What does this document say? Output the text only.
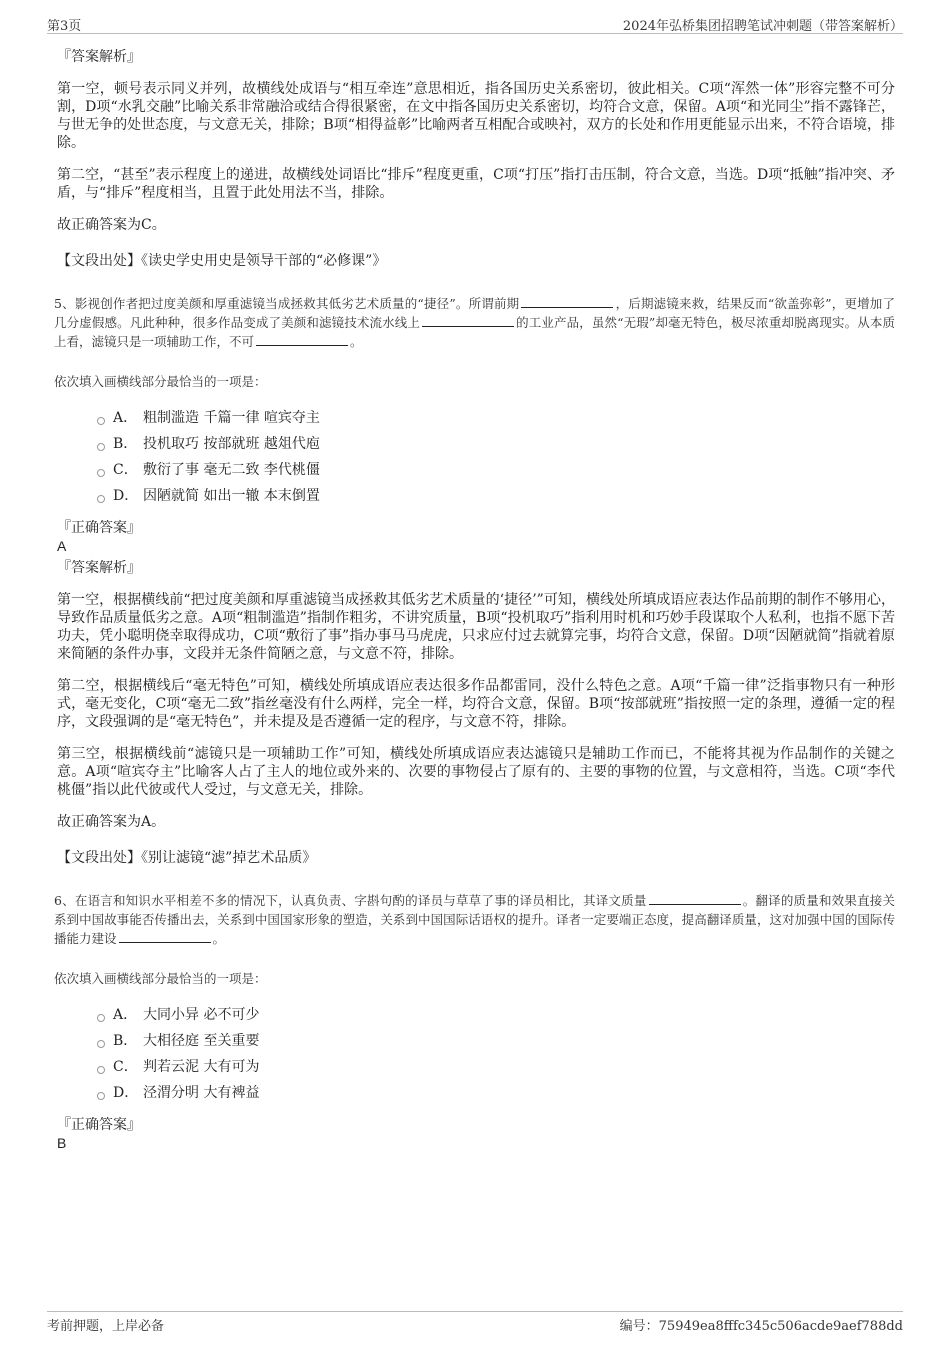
第3页	2024年弘桥集团招聘笔试冲刺题（带答案解析）

『答案解析』

第一空，顿号表示同义并列，故横线处成语与“相互牵连”意思相近，指各国历史关系密切，彼此相关。C项“浑然一体”形容完整不可分割，D项“水乳交融”比喻关系非常融洽或结合得很紧密，在文中指各国历史关系密切，均符合文意，保留。A项“和光同尘”指不露锋芒，与世无争的处世态度，与文意无关，排除；B项“相得益彰”比喻两者互相配合或映衬，双方的长处和作用更能显示出来，不符合语境，排除。

第二空，“甚至”表示程度上的递进，故横线处词语比“排斥”程度更重，C项“打压”指打击压制，符合文意，当选。D项“抵触”指冲突、矛盾，与“排斥”程度相当，且置于此处用法不当，排除。

故正确答案为C。

【文段出处】《读史学史用史是领导干部的“必修课”》

5、影视创作者把过度美颜和厚重滤镜当成拯救其低劣艺术质量的“捷径”。所谓前期	，后期滤镜来救，结果反而“欲盖弥彰”，更增加了几分虚假感。凡此种种，很多作品变成了美颜和滤镜技术流水线上	的工业产品，虽然“无瑕”却毫无特色，极尽浓重却脱离现实。从本质上看，滤镜只是一项辅助工作，不可	。

依次填入画横线部分最恰当的一项是：

A． 粗制滥造 千篇一律 喧宾夺主
B． 投机取巧 按部就班 越俎代庖
C． 敷衍了事 毫无二致 李代桃僵
D． 因陋就简 如出一辙 本末倒置

『正确答案』

A

『答案解析』

第一空，根据横线前“把过度美颜和厚重滤镜当成拯救其低劣艺术质量的‘捷径’”可知，横线处所填成语应表达作品前期的制作不够用心，导致作品质量低劣之意。A项“粗制滥造”指制作粗劣，不讲究质量，B项“投机取巧”指利用时机和巧妙手段谋取个人私利，也指不愿下苦功夫，凭小聪明侥幸取得成功，C项“敷衍了事”指办事马马虎虎，只求应付过去就算完事，均符合文意，保留。D项“因陋就简”指就着原来简陋的条件办事，文段并无条件简陋之意，与文意不符，排除。

第二空，根据横线后“毫无特色”可知，横线处所填成语应表达很多作品都雷同，没什么特色之意。A项“千篇一律”泛指事物只有一种形式，毫无变化，C项“毫无二致”指丝毫没有什么两样，完全一样，均符合文意，保留。B项“按部就班”指按照一定的条理，遵循一定的程序，文段强调的是“毫无特色”，并未提及是否遵循一定的程序，与文意不符，排除。

第三空，根据横线前“滤镜只是一项辅助工作”可知，横线处所填成语应表达滤镜只是辅助工作而已，不能将其视为作品制作的关键之意。A项“喧宾夺主”比喻客人占了主人的地位或外来的、次要的事物侵占了原有的、主要的事物的位置，与文意相符，当选。C项“李代桃僵”指以此代彼或代人受过，与文意无关，排除。

故正确答案为A。

【文段出处】《别让滤镜“滤”掉艺术品质》

6、在语言和知识水平相差不多的情况下，认真负责、字斟句酌的译员与草草了事的译员相比，其译文质量	。翻译的质量和效果直接关系到中国故事能否传播出去，关系到中国国家形象的塑造，关系到中国国际话语权的提升。译者一定要端正态度，提高翻译质量，这对加强中国的国际传播能力建设	。

依次填入画横线部分最恰当的一项是：

A． 大同小异 必不可少
B． 大相径庭 至关重要
C． 判若云泥 大有可为
D． 泾渭分明 大有裨益

『正确答案』

B

考前押题，上岸必备	编号：75949ea8fffc345c506acde9aef788dd
